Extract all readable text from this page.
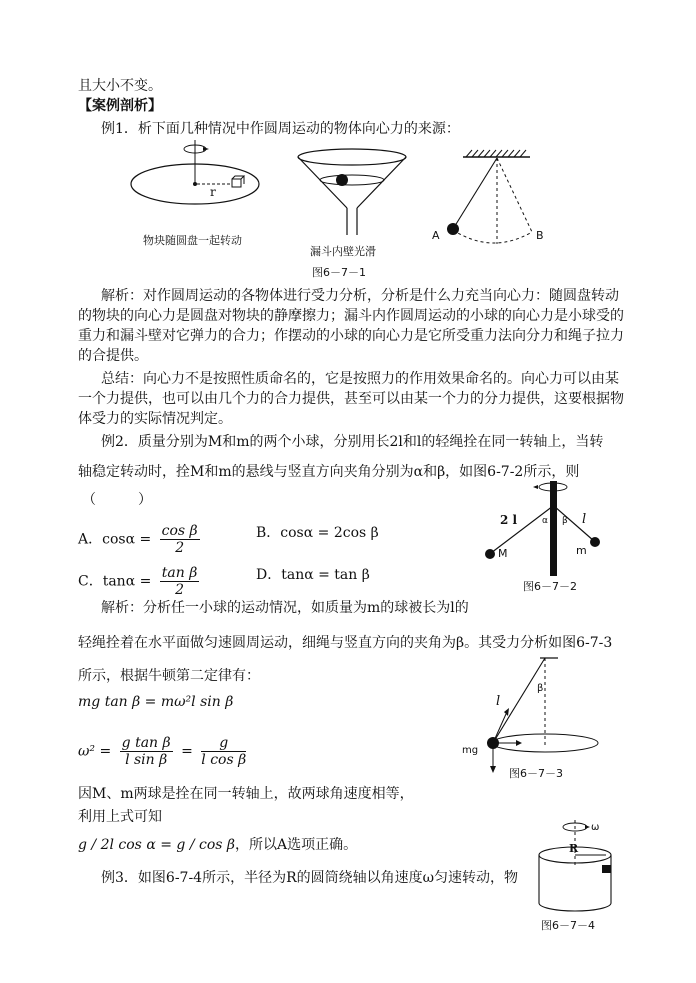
且大小不变。
【案例剖析】
例1．析下面几种情况中作圆周运动的物体向心力的来源：
物块随圆盘一起转动
r
漏斗内壁光滑
A	B
图6－7－1
解析：对作圆周运动的各物体进行受力分析，分析是什么力充当向心力：随圆盘转动
的物块的向心力是圆盘对物块的静摩擦力；漏斗内作圆周运动的小球的向心力是小球受的
重力和漏斗壁对它弹力的合力；作摆动的小球的向心力是它所受重力法向分力和绳子拉力
的合提供。
总结：向心力不是按照性质命名的，它是按照力的作用效果命名的。向心力可以由某
一个力提供，也可以由几个力的合力提供，甚至可以由某一个力的分力提供，这要根据物
体受力的实际情况判定。
例2．质量分别为M和m的两个小球，分别用长2l和l的轻绳拴在同一转轴上，当转
轴稳定转动时，拴M和m的悬线与竖直方向夹角分别为α和β，如图6-7-2所示，则
（　　　）
A．$\cos\alpha = \frac{\text{cos β}}{2}$	B．cosα = 2cos β
C．$\tan\alpha = \frac{\text{tan β}}{2}$	D．tanα = tan β
2 l	α β l
M	m
图6－7－2
解析：分析任一小球的运动情况，如质量为m的球被长为l的
轻绳拴着在水平面做匀速圆周运动，细绳与竖直方向的夹角为β。其受力分析如图6-7-3
所示，根据牛顿第二定律有：
mg tan β = mω²l sin β
$\omega^2 = \frac{\text{g tan β}}{\text{l sin β}} = \frac{g}{\text{l cos β}}$
l
β
mg
图6－7－3
因M、m两球是拴在同一转轴上，故两球角速度相等，
利用上式可知
g / 2l cos α = g / cos β，所以A选项正确。
例3．如图6-7-4所示，半径为R的圆筒绕轴以角速度ω匀速转动，物
ω
R
图6－7－4
